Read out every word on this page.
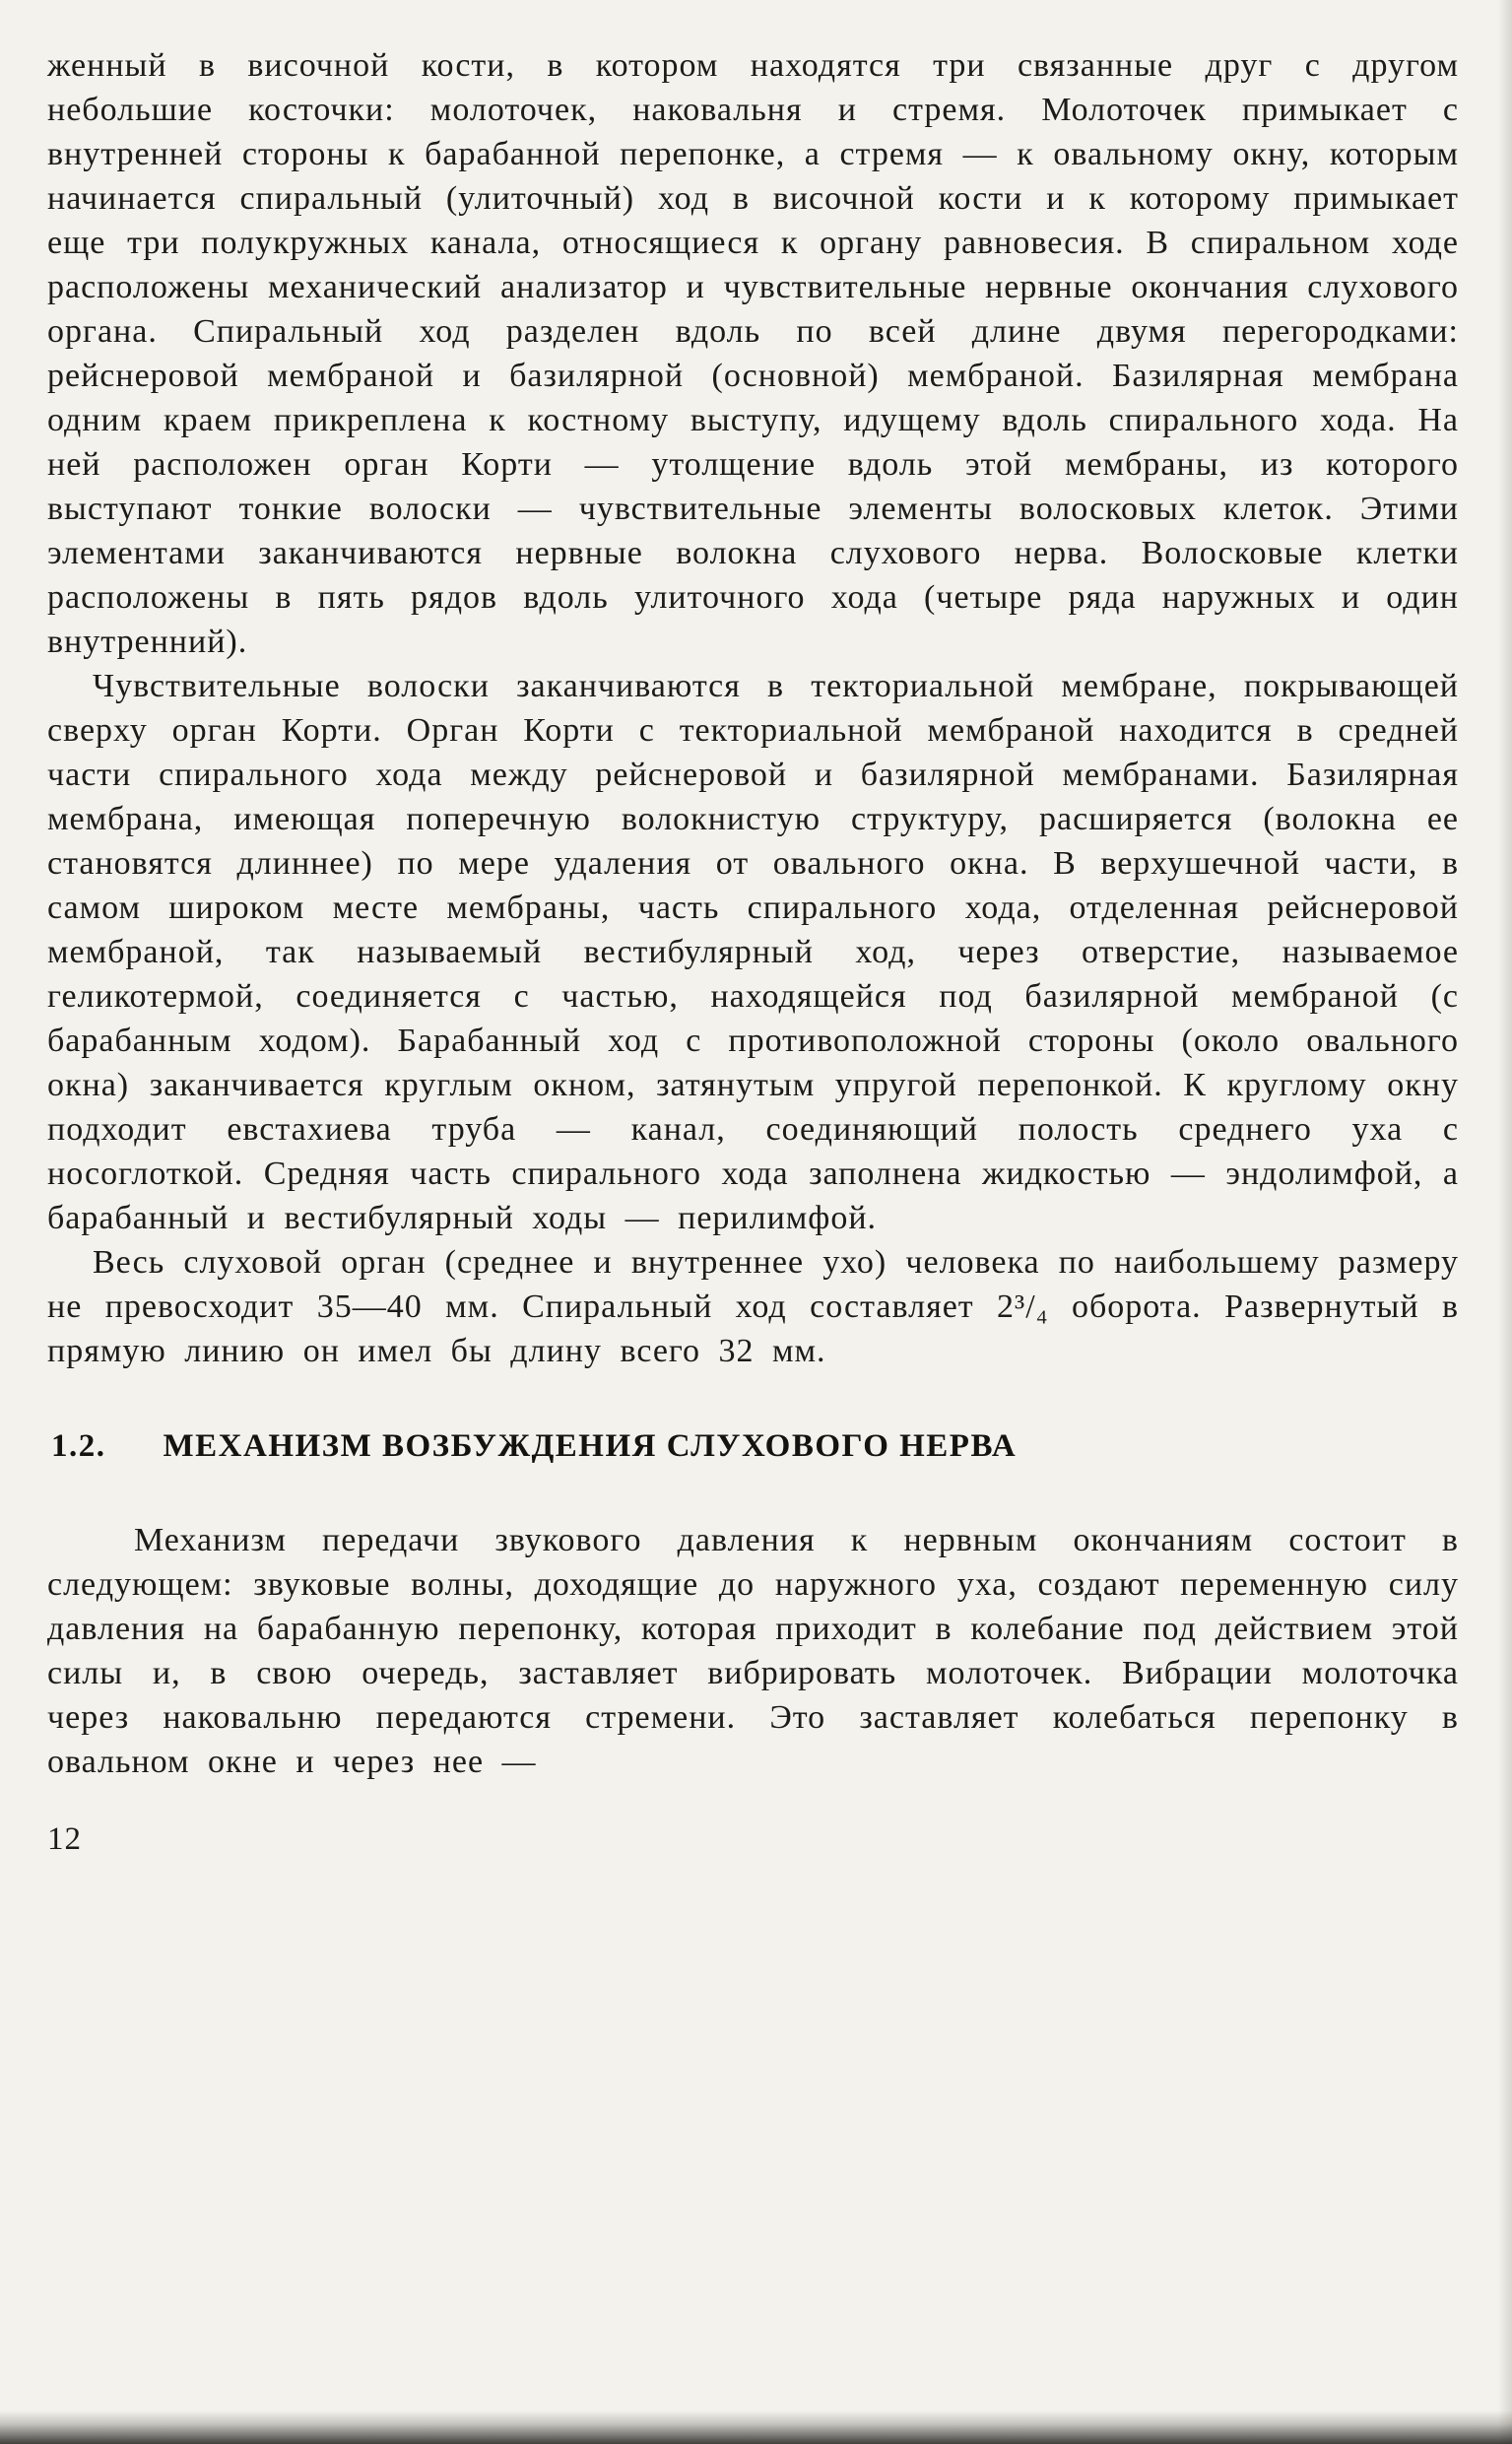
женный в височной кости, в котором находятся три связанные друг с другом небольшие косточки: молоточек, наковальня и стремя. Молоточек примыкает с внутренней стороны к барабанной перепонке, а стремя — к овальному окну, которым начинается спиральный (улиточный) ход в височной кости и к которому примыкает еще три полукружных канала, относящиеся к органу равновесия. В спиральном ходе расположены механический анализатор и чувствительные нервные окончания слухового органа. Спиральный ход разделен вдоль по всей длине двумя перегородками: рейснеровой мембраной и базилярной (основной) мембраной. Базилярная мембрана одним краем прикреплена к костному выступу, идущему вдоль спирального хода. На ней расположен орган Корти — утолщение вдоль этой мембраны, из которого выступают тонкие волоски — чувствительные элементы волосковых клеток. Этими элементами заканчиваются нервные волокна слухового нерва. Волосковые клетки расположены в пять рядов вдоль улиточного хода (четыре ряда наружных и один внутренний).

Чувствительные волоски заканчиваются в текториальной мембране, покрывающей сверху орган Корти. Орган Корти с текториальной мембраной находится в средней части спирального хода между рейснеровой и базилярной мембранами. Базилярная мембрана, имеющая поперечную волокнистую структуру, расширяется (волокна ее становятся длиннее) по мере удаления от овального окна. В верхушечной части, в самом широком месте мембраны, часть спирального хода, отделенная рейснеровой мембраной, так называемый вестибулярный ход, через отверстие, называемое геликотермой, соединяется с частью, находящейся под базилярной мембраной (с барабанным ходом). Барабанный ход с противоположной стороны (около овального окна) заканчивается круглым окном, затянутым упругой перепонкой. К круглому окну подходит евстахиева труба — канал, соединяющий полость среднего уха с носоглоткой. Средняя часть спирального хода заполнена жидкостью — эндолимфой, а барабанный и вестибулярный ходы — перилимфой.

Весь слуховой орган (среднее и внутреннее ухо) человека по наибольшему размеру не превосходит 35—40 мм. Спиральный ход составляет 2³/₄ оборота. Развернутый в прямую линию он имел бы длину всего 32 мм.

1.2. МЕХАНИЗМ ВОЗБУЖДЕНИЯ СЛУХОВОГО НЕРВА

Механизм передачи звукового давления к нервным окончаниям состоит в следующем: звуковые волны, доходящие до наружного уха, создают переменную силу давления на барабанную перепонку, которая приходит в колебание под действием этой силы и, в свою очередь, заставляет вибрировать молоточек. Вибрации молоточка через наковальню передаются стремени. Это заставляет колебаться перепонку в овальном окне и через нее —

12
